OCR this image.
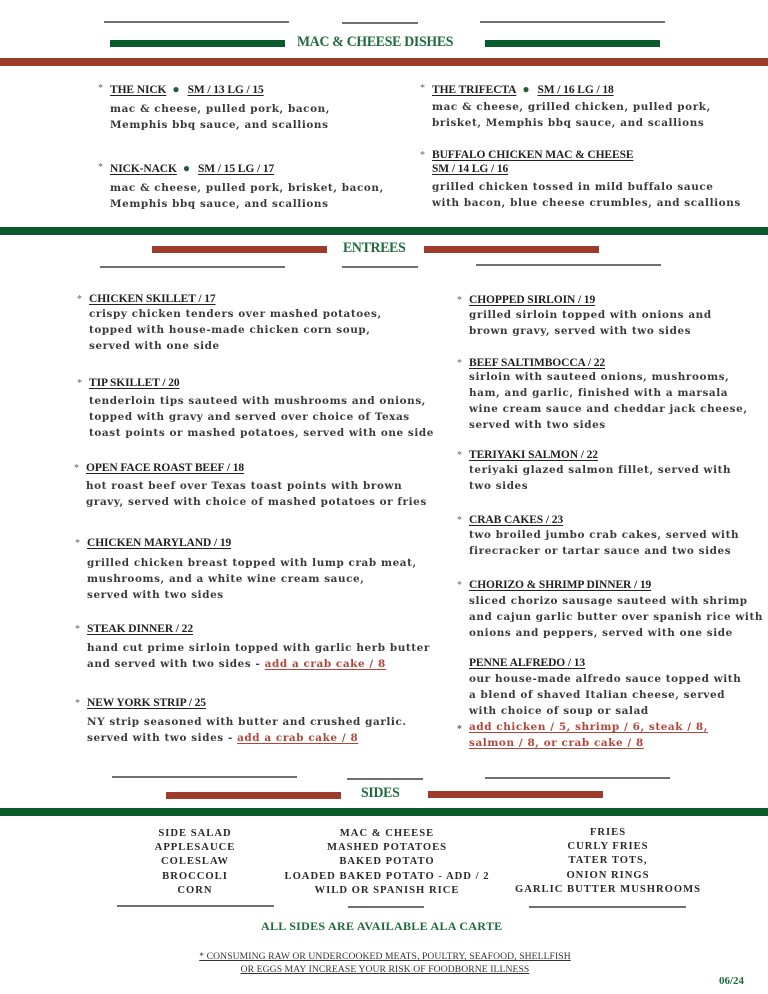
MAC & CHEESE DISHES
* THE NICK ● SM / 13 LG / 15
mac & cheese, pulled pork, bacon,
Memphis bbq sauce, and scallions
* NICK-NACK ● SM / 15 LG / 17
mac & cheese, pulled pork, brisket, bacon,
Memphis bbq sauce, and scallions
* THE TRIFECTA ● SM / 16 LG / 18
mac & cheese, grilled chicken, pulled pork,
brisket, Memphis bbq sauce, and scallions
* BUFFALO CHICKEN MAC & CHEESE
SM / 14 LG / 16
grilled chicken tossed in mild buffalo sauce
with bacon, blue cheese crumbles, and scallions
ENTREES
* CHICKEN SKILLET / 17
crispy chicken tenders over mashed potatoes,
topped with house-made chicken corn soup,
served with one side
* TIP SKILLET / 20
tenderloin tips sauteed with mushrooms and onions,
topped with gravy and served over choice of Texas
toast points or mashed potatoes, served with one side
* OPEN FACE ROAST BEEF / 18
hot roast beef over Texas toast points with brown
gravy, served with choice of mashed potatoes or fries
* CHICKEN MARYLAND / 19
grilled chicken breast topped with lump crab meat,
mushrooms, and a white wine cream sauce,
served with two sides
* STEAK DINNER / 22
hand cut prime sirloin topped with garlic herb butter
and served with two sides - add a crab cake / 8
* NEW YORK STRIP / 25
NY strip seasoned with butter and crushed garlic.
served with two sides - add a crab cake / 8
* CHOPPED SIRLOIN / 19
grilled sirloin topped with onions and
brown gravy, served with two sides
* BEEF SALTIMBOCCA / 22
sirloin with sauteed onions, mushrooms,
ham, and garlic, finished with a marsala
wine cream sauce and cheddar jack cheese,
served with two sides
* TERIYAKI SALMON / 22
teriyaki glazed salmon fillet, served with
two sides
* CRAB CAKES / 23
two broiled jumbo crab cakes, served with
firecracker or tartar sauce and two sides
* CHORIZO & SHRIMP DINNER / 19
sliced chorizo sausage sauteed with shrimp
and cajun garlic butter over spanish rice with
onions and peppers, served with one side
PENNE ALFREDO / 13
our house-made alfredo sauce topped with
a blend of shaved Italian cheese, served
with choice of soup or salad
* add chicken / 5, shrimp / 6, steak / 8,
salmon / 8, or crab cake / 8
SIDES
SIDE SALAD
APPLESAUCE
COLESLAW
BROCCOLI
CORN
MAC & CHEESE
MASHED POTATOES
BAKED POTATO
LOADED BAKED POTATO - ADD / 2
WILD OR SPANISH RICE
FRIES
CURLY FRIES
TATER TOTS,
ONION RINGS
GARLIC BUTTER MUSHROOMS
ALL SIDES ARE AVAILABLE ALA CARTE
* CONSUMING RAW OR UNDERCOOKED MEATS, POULTRY, SEAFOOD, SHELLFISH
OR EGGS MAY INCREASE YOUR RISK OF FOODBORNE ILLNESS
06/24
